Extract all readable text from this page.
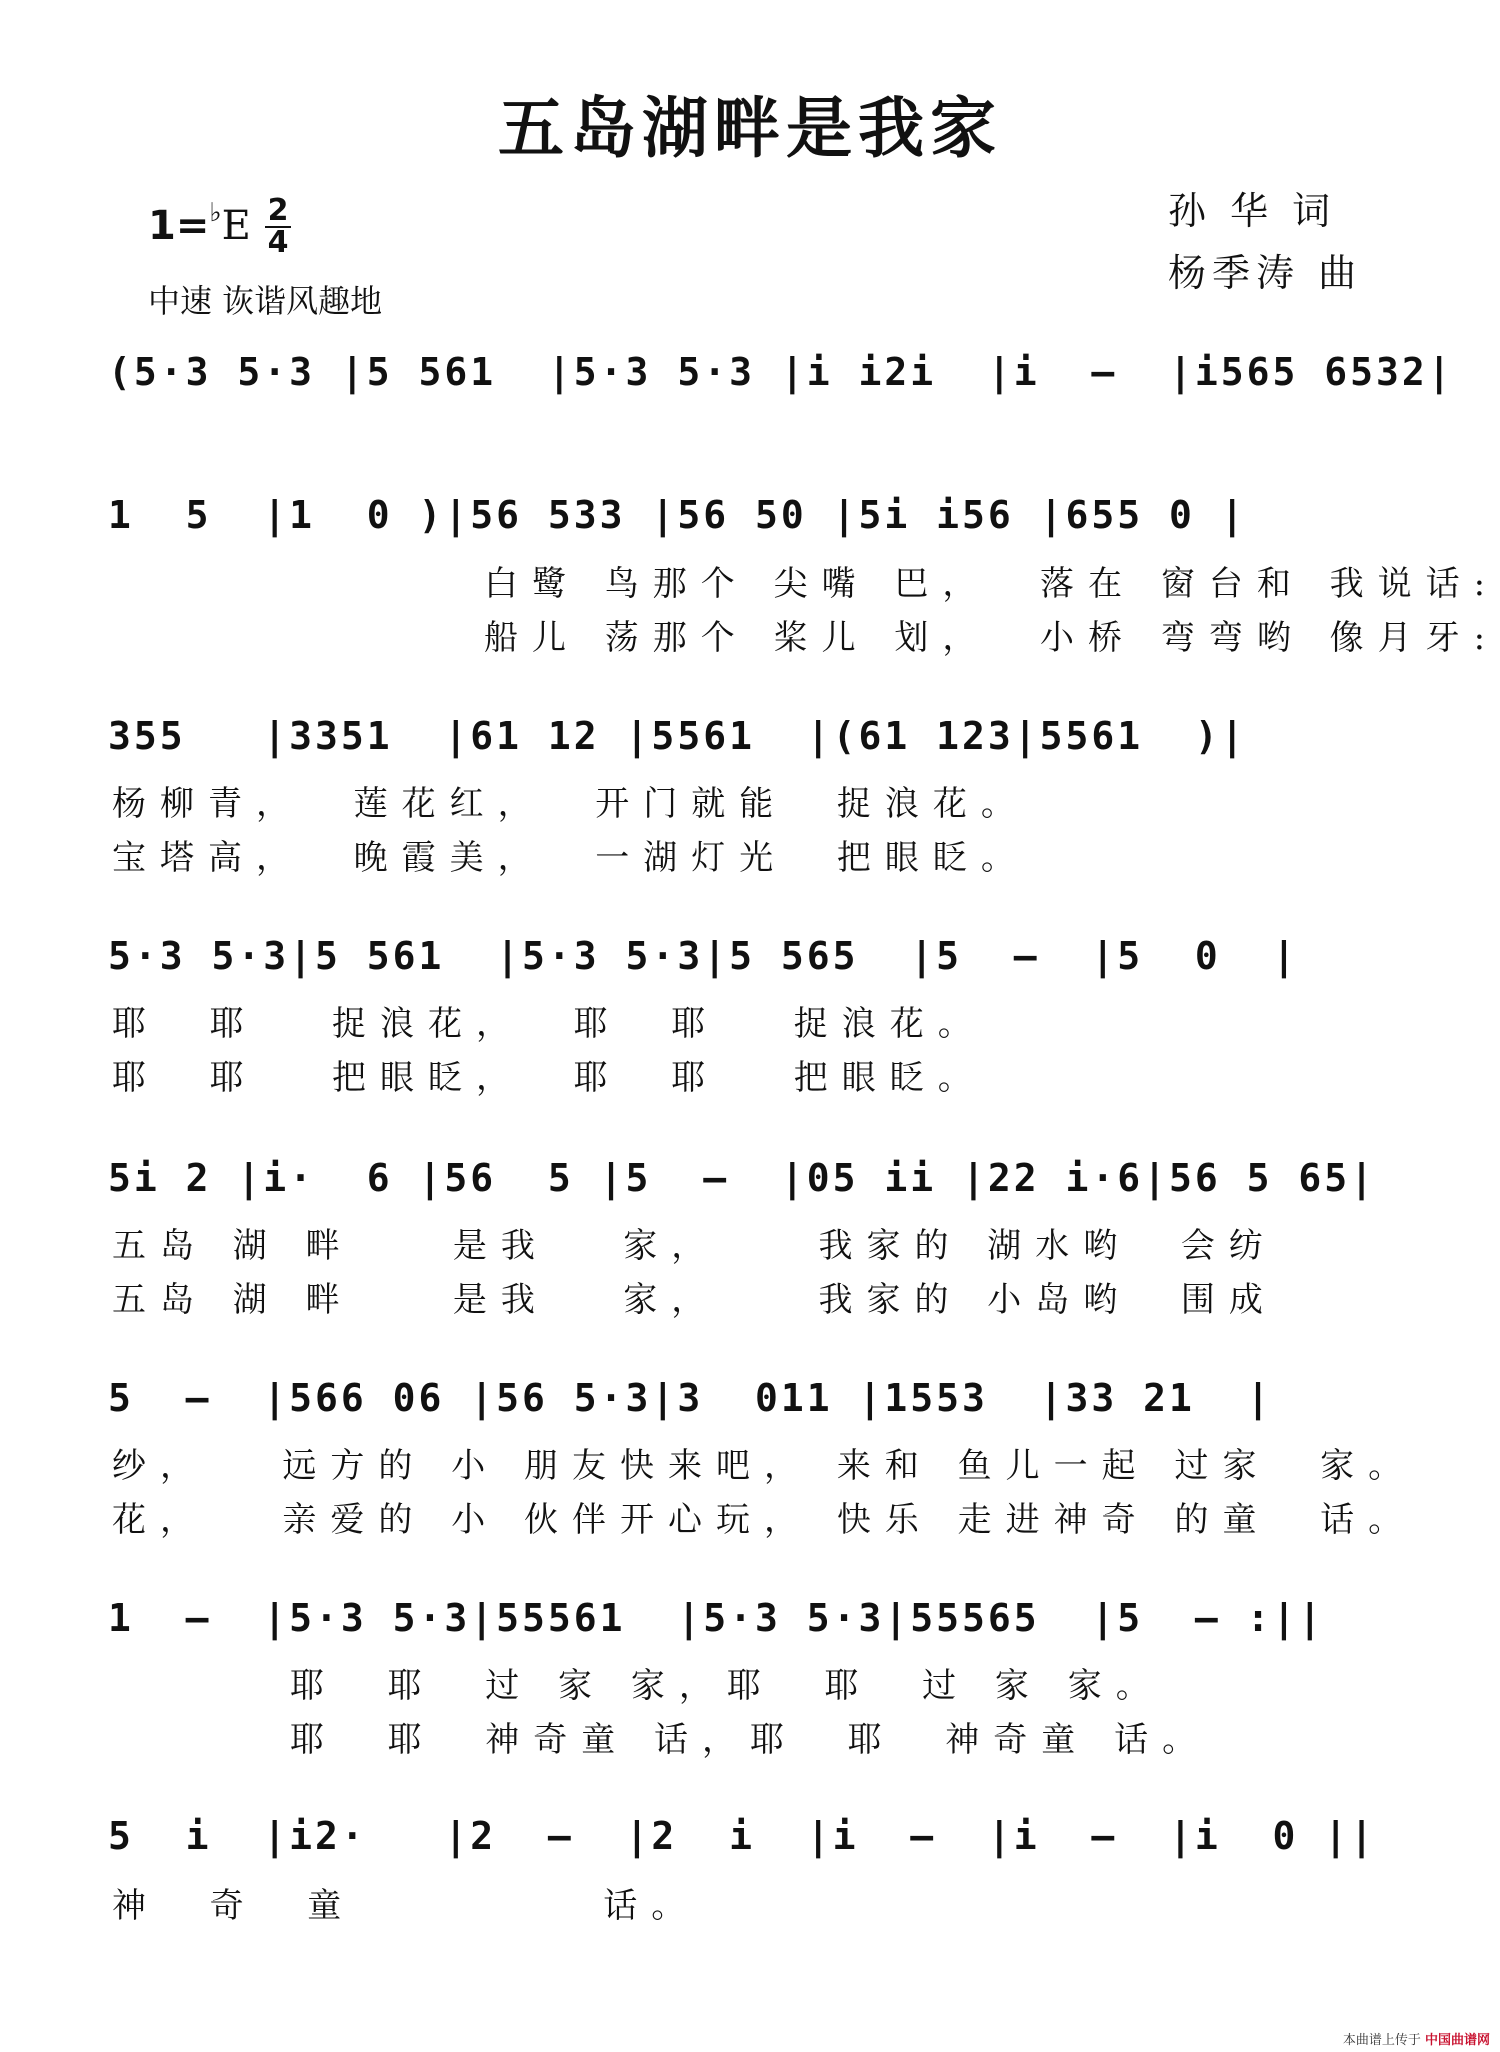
五岛湖畔是我家
1=♭E 2
4
中速 诙谐风趣地
孙 华 词
杨季涛 曲
(5·3 5·3 |5 561  |5·3 5·3 |i i2i  |i  –  |i565 6532|
1  5  |1  0 )|56 533 |56 50 |5i i56 |655 0 |
白鹭 鸟那个 尖嘴 巴，  落在 窗台和 我说话:
船儿 荡那个 桨儿 划，  小桥 弯弯哟 像月牙:
355   |3351  |61 12 |5561  |(61 123|5561  )|
杨柳青，  莲花红，  开门就能  捉浪花。
宝塔高，  晚霞美，  一湖灯光  把眼眨。
5·3 5·3|5 561  |5·3 5·3|5 565  |5  –  |5  0  |
耶  耶   捉浪花，  耶  耶   捉浪花。
耶  耶   把眼眨，  耶  耶   把眼眨。
5i 2 |i·  6 |56  5 |5  –  |05 ii |22 i·6|56 5 65|
五岛 湖 畔    是我   家，    我家的 湖水哟  会纺
五岛 湖 畔    是我   家，    我家的 小岛哟  围成
5  –  |566 06 |56 5·3|3  011 |1553  |33 21  |
纱，   远方的 小 朋友快来吧， 来和 鱼儿一起 过家  家。
花，   亲爱的 小 伙伴开心玩， 快乐 走进神奇 的童  话。
1  –  |5·3 5·3|55561  |5·3 5·3|55565  |5  – :||
耶  耶  过 家 家，耶  耶  过 家 家。
耶  耶  神奇童 话，耶  耶  神奇童 话。
5  i  |i2·   |2  –  |2  i  |i  –  |i  –  |i  0 ||
神  奇  童          话。
本曲谱上传于 中国曲谱网
